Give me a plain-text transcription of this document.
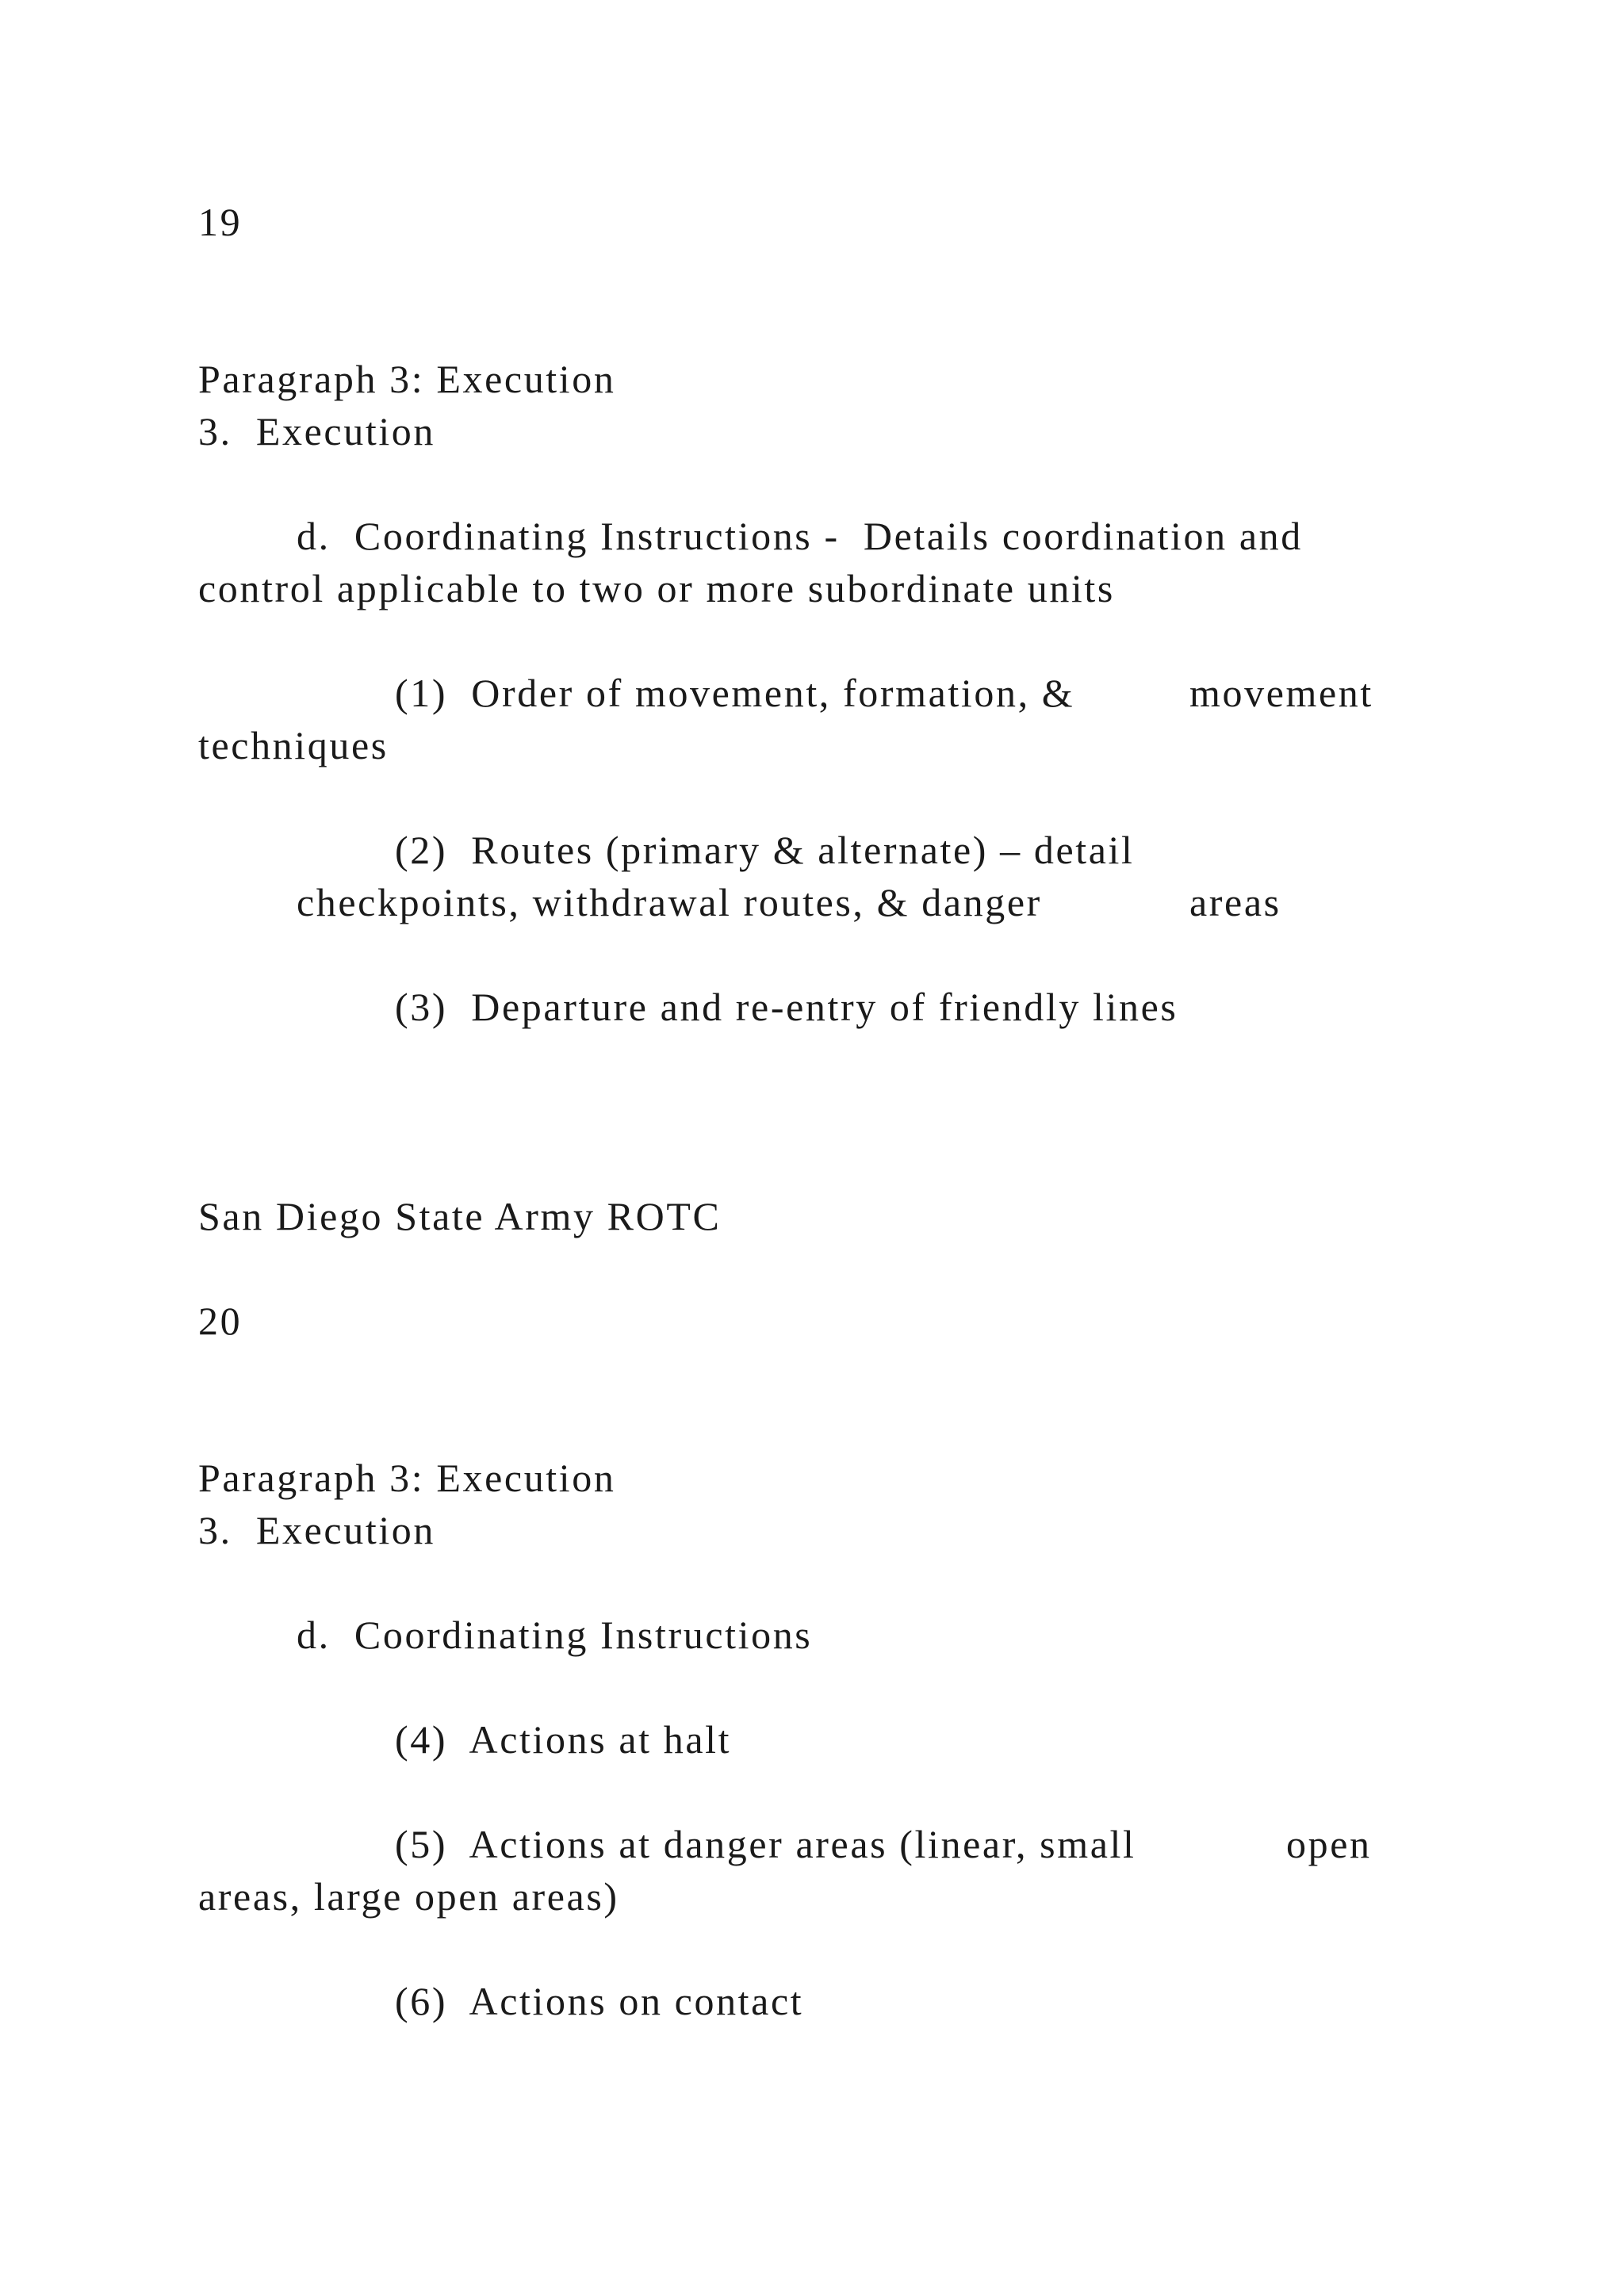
19
Paragraph 3: Execution
3.  Execution
d.  Coordinating Instructions -  Details coordination and
control applicable to two or more subordinate units
(1)  Order of movement, formation, &	movement
techniques
(2)  Routes (primary & alternate) – detail
checkpoints, withdrawal routes, & danger	areas
(3)  Departure and re-entry of friendly lines
San Diego State Army ROTC
20
Paragraph 3: Execution
3.  Execution
d.  Coordinating Instructions
(4)  Actions at halt
(5)  Actions at danger areas (linear, small	open
areas, large open areas)
(6)  Actions on contact
